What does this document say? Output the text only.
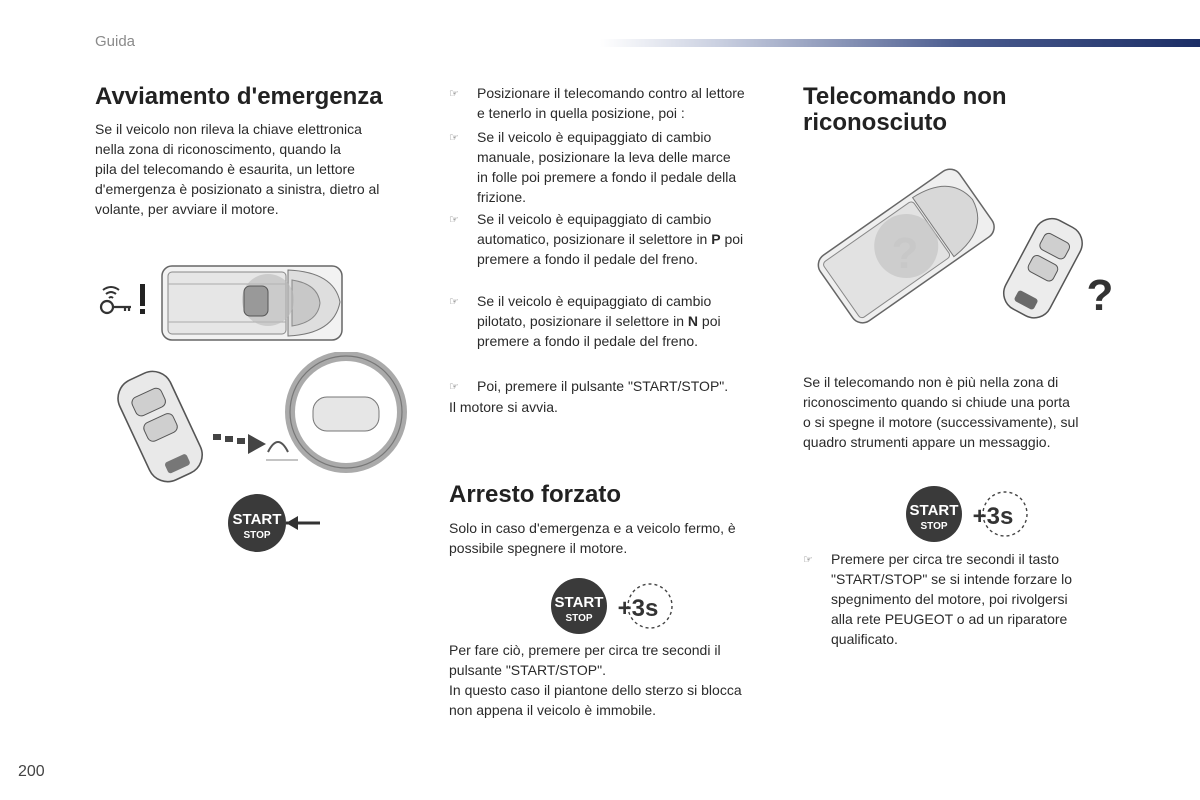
Guida
Avviamento d'emergenza
Se il veicolo non rileva la chiave elettronica
nella zona di riconoscimento, quando la
pila del telecomando è esaurita, un lettore
d'emergenza è posizionato a sinistra, dietro al
volante, per avviare il motore.
START
STOP
☞ Posizionare il telecomando contro al lettore
e tenerlo in quella posizione, poi :
☞ Se il veicolo è equipaggiato di cambio
manuale, posizionare la leva delle marce
in folle poi premere a fondo il pedale della
frizione.
☞ Se il veicolo è equipaggiato di cambio
automatico, posizionare il selettore in P poi
premere a fondo il pedale del freno.
☞ Se il veicolo è equipaggiato di cambio
pilotato, posizionare il selettore in N poi
premere a fondo il pedale del freno.
☞ Poi, premere il pulsante "START/STOP".
Il motore si avvia.
Arresto forzato
Solo in caso d'emergenza e a veicolo fermo, è
possibile spegnere il motore.
START
STOP +3s
Per fare ciò, premere per circa tre secondi il
pulsante "START/STOP".
In questo caso il piantone dello sterzo si blocca
non appena il veicolo è immobile.
Telecomando non
riconosciuto
?
?
Se il telecomando non è più nella zona di
riconoscimento quando si chiude una porta
o si spegne il motore (successivamente), sul
quadro strumenti appare un messaggio.
START
STOP +3s
☞ Premere per circa tre secondi il tasto
"START/STOP" se si intende forzare lo
spegnimento del motore, poi rivolgersi
alla rete PEUGEOT o ad un riparatore
qualificato.
200
